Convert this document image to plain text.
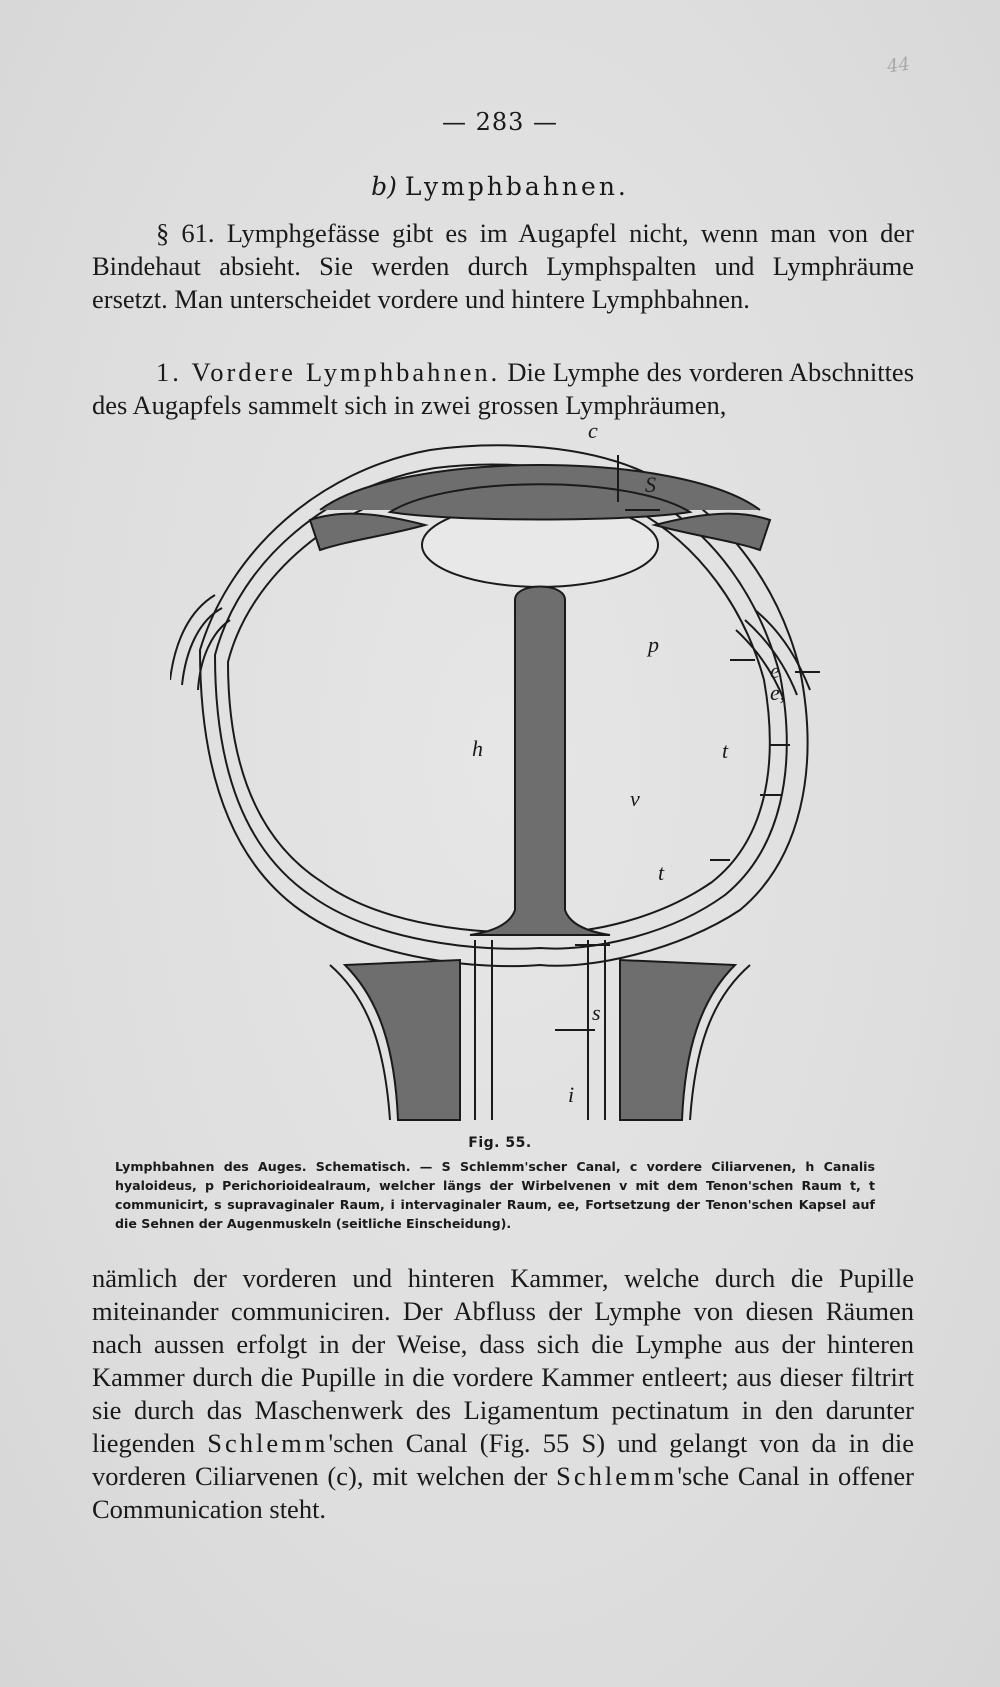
44
— 283 —
b) Lymphbahnen.

§ 61. Lymphgefässe gibt es im Augapfel nicht, wenn man von der Bindehaut absieht. Sie werden durch Lymphspalten und Lymphräume ersetzt. Man unterscheidet vordere und hintere Lymphbahnen.

1. Vordere Lymphbahnen. Die Lymphe des vorderen Abschnittes des Augapfels sammelt sich in zwei grossen Lymphräumen,

c
S
p
e
e,
t
h
v
t
s
i
Fig. 55.

Lymphbahnen des Auges. Schematisch. — S Schlemm'scher Canal, c vordere Ciliarvenen, h Canalis hyaloideus, p Perichorioidealraum, welcher längs der Wirbelvenen v mit dem Tenon'schen Raum t, t communicirt, s supravaginaler Raum, i intervaginaler Raum, ee, Fortsetzung der Tenon'schen Kapsel auf die Sehnen der Augenmuskeln (seitliche Einscheidung).

nämlich der vorderen und hinteren Kammer, welche durch die Pupille miteinander communiciren. Der Abfluss der Lymphe von diesen Räumen nach aussen erfolgt in der Weise, dass sich die Lymphe aus der hinteren Kammer durch die Pupille in die vordere Kammer entleert; aus dieser filtrirt sie durch das Maschenwerk des Ligamentum pectinatum in den darunter liegenden Schlemm'schen Canal (Fig. 55 S) und gelangt von da in die vorderen Ciliarvenen (c), mit welchen der Schlemm'sche Canal in offener Communication steht.
